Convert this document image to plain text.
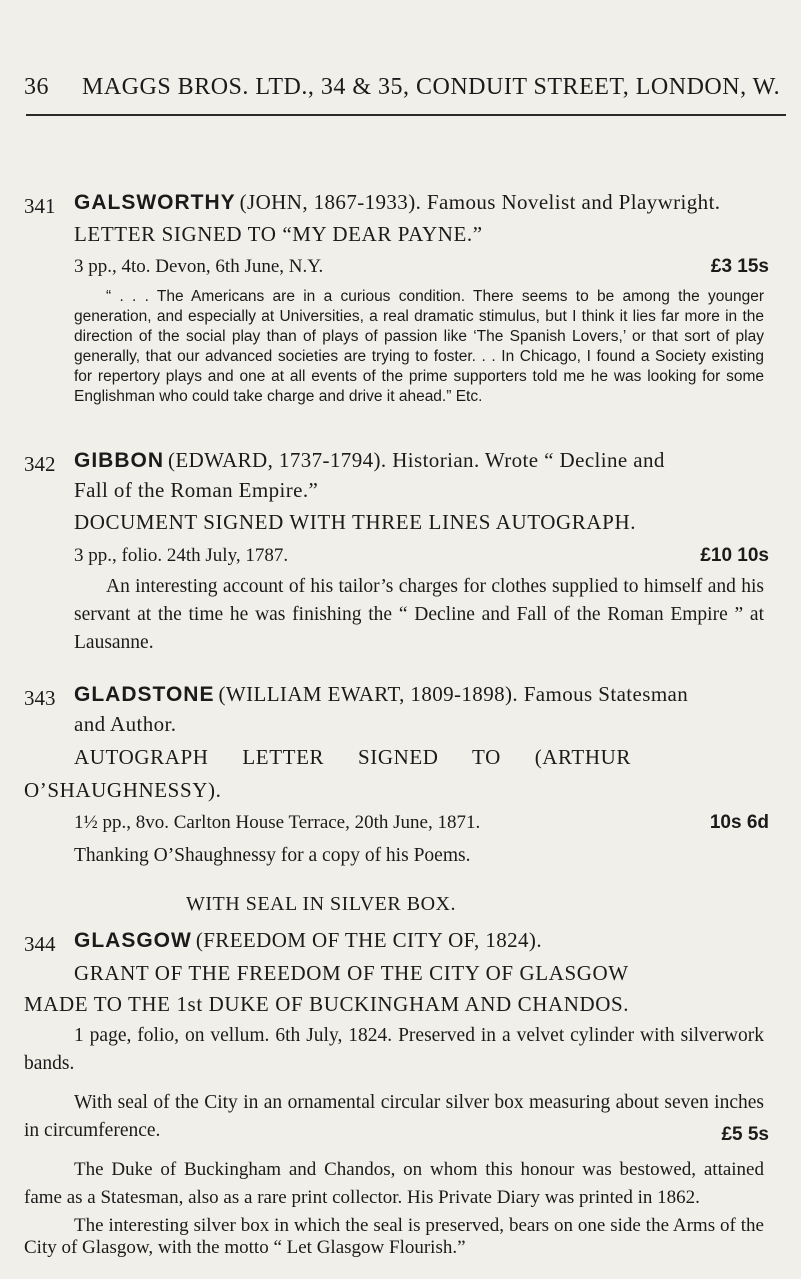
36 MAGGS BROS. LTD., 34 & 35, CONDUIT STREET, LONDON, W.
341 GALSWORTHY (JOHN, 1867-1933). Famous Novelist and Playwright.
LETTER SIGNED TO “MY DEAR PAYNE.”
3 pp., 4to. Devon, 6th June, N.Y.	£3 15s
“ . . . The Americans are in a curious condition. There seems to be among the younger generation, and especially at Universities, a real dramatic stimulus, but I think it lies far more in the direction of the social play than of plays of passion like ‘The Spanish Lovers,’ or that sort of play generally, that our advanced societies are trying to foster. . . In Chicago, I found a Society existing for repertory plays and one at all events of the prime supporters told me he was looking for some Englishman who could take charge and drive it ahead.” Etc.
342 GIBBON (EDWARD, 1737-1794). Historian. Wrote “ Decline and
Fall of the Roman Empire.”
DOCUMENT SIGNED WITH THREE LINES AUTOGRAPH.
3 pp., folio. 24th July, 1787.	£10 10s
An interesting account of his tailor’s charges for clothes supplied to himself and his servant at the time he was finishing the “ Decline and Fall of the Roman Empire ” at Lausanne.
343 GLADSTONE (WILLIAM EWART, 1809-1898). Famous Statesman
and Author.
AUTOGRAPH LETTER SIGNED TO (ARTHUR
O’SHAUGHNESSY).
1½ pp., 8vo. Carlton House Terrace, 20th June, 1871.	10s 6d
Thanking O’Shaughnessy for a copy of his Poems.
WITH SEAL IN SILVER BOX.
344 GLASGOW (FREEDOM OF THE CITY OF, 1824).
GRANT OF THE FREEDOM OF THE CITY OF GLASGOW
MADE TO THE 1st DUKE OF BUCKINGHAM AND CHANDOS.
1 page, folio, on vellum. 6th July, 1824. Preserved in a velvet cylinder with silverwork bands.
With seal of the City in an ornamental circular silver box measuring about seven inches in circumference.	£5 5s
The Duke of Buckingham and Chandos, on whom this honour was bestowed, attained fame as a Statesman, also as a rare print collector. His Private Diary was printed in 1862.
The interesting silver box in which the seal is preserved, bears on one side the Arms of the City of Glasgow, with the motto “ Let Glasgow Flourish.”
